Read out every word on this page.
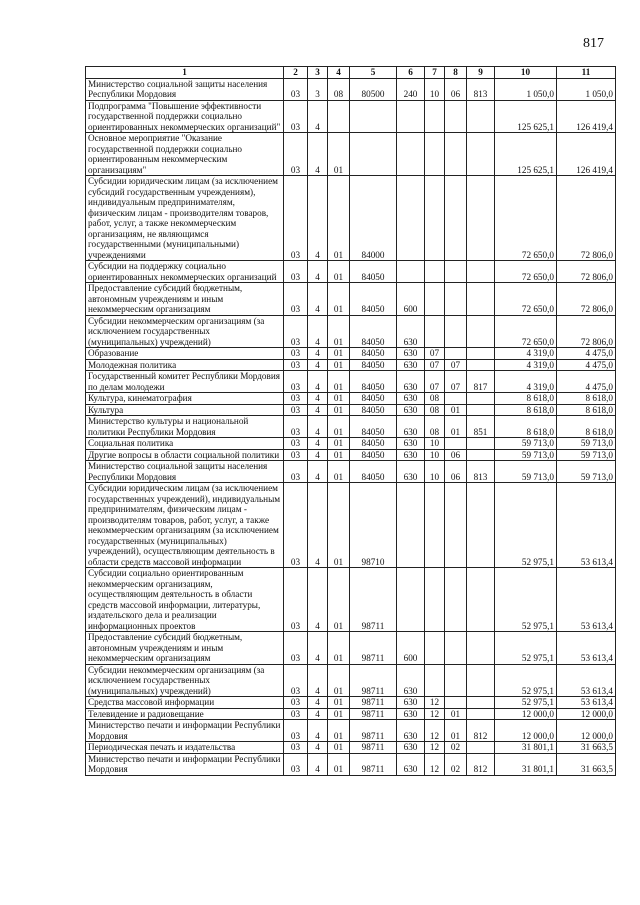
817
1	2	3	4	5	6	7	8	9	10	11
Министерство социальной защиты населения Республики Мордовия	03	3	08	80500	240	10	06	813	1 050,0	1 050,0
Подпрограмма "Повышение эффективности государственной поддержки социально ориентированных некоммерческих организаций"	03	4							125 625,1	126 419,4
Основное мероприятие "Оказание государственной поддержки социально ориентированным некоммерческим организациям"	03	4	01						125 625,1	126 419,4
Субсидии юридическим лицам (за исключением субсидий государственным учреждениям), индивидуальным предпринимателям, физическим лицам - производителям товаров, работ, услуг, а также некоммерческим организациям, не являющимся государственными (муниципальными) учреждениями	03	4	01	84000					72 650,0	72 806,0
Субсидии на поддержку социально ориентированных некоммерческих организаций	03	4	01	84050					72 650,0	72 806,0
Предоставление субсидий бюджетным, автономным учреждениям и иным некоммерческим организациям	03	4	01	84050	600				72 650,0	72 806,0
Субсидии некоммерческим организациям (за исключением государственных (муниципальных) учреждений)	03	4	01	84050	630				72 650,0	72 806,0
Образование	03	4	01	84050	630	07			4 319,0	4 475,0
Молодежная политика	03	4	01	84050	630	07	07		4 319,0	4 475,0
Государственный комитет Республики Мордовия по делам молодежи	03	4	01	84050	630	07	07	817	4 319,0	4 475,0
Культура, кинематография	03	4	01	84050	630	08			8 618,0	8 618,0
Культура	03	4	01	84050	630	08	01		8 618,0	8 618,0
Министерство культуры и национальной политики Республики Мордовия	03	4	01	84050	630	08	01	851	8 618,0	8 618,0
Социальная политика	03	4	01	84050	630	10			59 713,0	59 713,0
Другие вопросы в области социальной политики	03	4	01	84050	630	10	06		59 713,0	59 713,0
Министерство социальной защиты населения Республики Мордовия	03	4	01	84050	630	10	06	813	59 713,0	59 713,0
Субсидии юридическим лицам (за исключением государственных учреждений), индивидуальным предпринимателям, физическим лицам - производителям товаров, работ, услуг, а также некоммерческим организациям (за исключением государственных (муниципальных) учреждений), осуществляющим деятельность в области средств массовой информации	03	4	01	98710					52 975,1	53 613,4
Субсидии социально ориентированным некоммерческим организациям, осуществляющим деятельность в области средств массовой информации, литературы, издательского дела и реализации информационных проектов	03	4	01	98711					52 975,1	53 613,4
Предоставление субсидий бюджетным, автономным учреждениям и иным некоммерческим организациям	03	4	01	98711	600				52 975,1	53 613,4
Субсидии некоммерческим организациям (за исключением государственных (муниципальных) учреждений)	03	4	01	98711	630				52 975,1	53 613,4
Средства массовой информации	03	4	01	98711	630	12			52 975,1	53 613,4
Телевидение и радиовещание	03	4	01	98711	630	12	01		12 000,0	12 000,0
Министерство печати и информации Республики Мордовия	03	4	01	98711	630	12	01	812	12 000,0	12 000,0
Периодическая печать и издательства	03	4	01	98711	630	12	02		31 801,1	31 663,5
Министерство печати и информации Республики Мордовия	03	4	01	98711	630	12	02	812	31 801,1	31 663,5
